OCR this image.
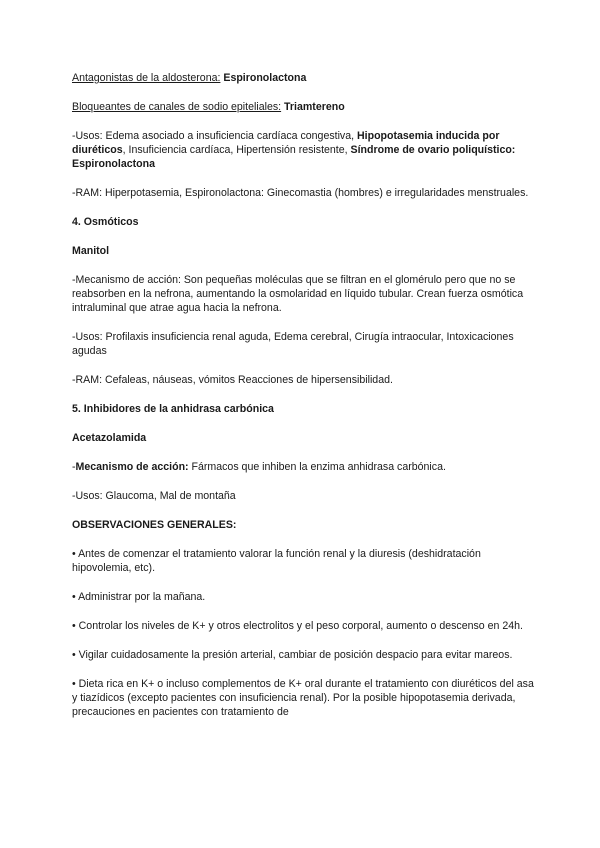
Antagonistas de la aldosterona: Espironolactona

Bloqueantes de canales de sodio epiteliales: Triamtereno

-Usos: Edema asociado a insuficiencia cardíaca congestiva, Hipopotasemia inducida por diuréticos, Insuficiencia cardíaca, Hipertensión resistente, Síndrome de ovario poliquístico: Espironolactona

-RAM: Hiperpotasemia, Espironolactona: Ginecomastia (hombres) e irregularidades menstruales.

4. Osmóticos

Manitol

-Mecanismo de acción: Son pequeñas moléculas que se filtran en el glomérulo pero que no se reabsorben en la nefrona, aumentando la osmolaridad en líquido tubular. Crean fuerza osmótica intraluminal que atrae agua hacia la nefrona.

-Usos: Profilaxis insuficiencia renal aguda, Edema cerebral, Cirugía intraocular, Intoxicaciones agudas

-RAM: Cefaleas, náuseas, vómitos Reacciones de hipersensibilidad.

5. Inhibidores de la anhidrasa carbónica

Acetazolamida

-Mecanismo de acción: Fármacos que inhiben la enzima anhidrasa carbónica.

-Usos: Glaucoma, Mal de montaña

OBSERVACIONES GENERALES:

• Antes de comenzar el tratamiento valorar la función renal y la diuresis (deshidratación hipovolemia, etc).

• Administrar por la mañana.

• Controlar los niveles de K+ y otros electrolitos y el peso corporal, aumento o descenso en 24h.

• Vigilar cuidadosamente la presión arterial, cambiar de posición despacio para evitar mareos.

• Dieta rica en K+ o incluso complementos de K+ oral durante el tratamiento con diuréticos del asa y tiazídicos (excepto pacientes con insuficiencia renal). Por la posible hipopotasemia derivada, precauciones en pacientes con tratamiento de
